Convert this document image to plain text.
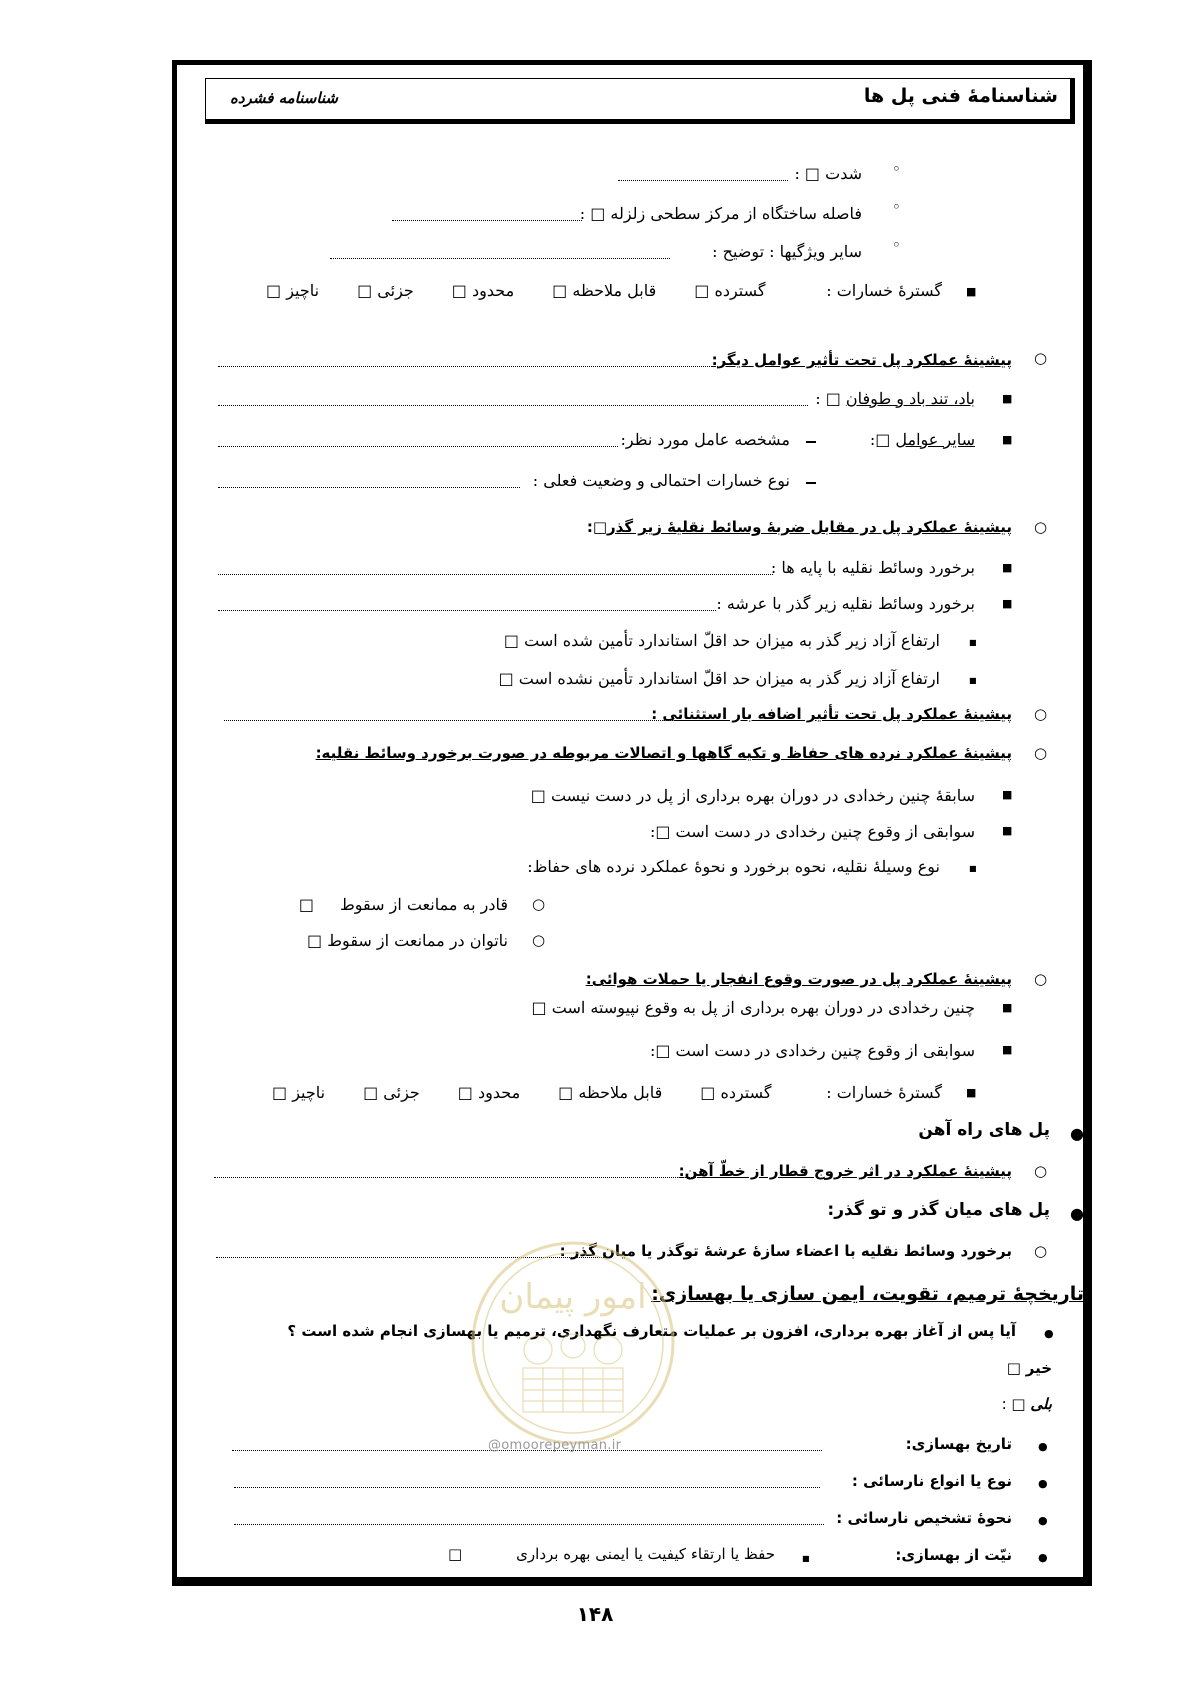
شناسنامۀ فنی پل ها
شناسنامه فشرده
◦
شدت □ :
◦
فاصله ساختگاه از مرکز سطحی زلزله □ :
◦
سایر ویژگیها : توضیح :
■
گسترۀ خسارات :
ناچیز □ جزئی □ محدود □ قابل ملاحظه □ گسترده □
○
پیشینۀ عملکرد پل تحت تأثیر عوامل دیگر:
■
باد، تند باد و طوفان □ :
■
سایر عوامل □:
مشخصه عامل مورد نظر:
نوع خسارات احتمالی و وضعیت فعلی :
○
پیشینۀ عملکرد پل در مقابل ضربۀ وسائط نقلیۀ زیر گذر□:
■
برخورد وسائط نقلیه با پایه ها :
■
برخورد وسائط نقلیه زیر گذر با عرشه :
■
ارتفاع آزاد زیر گذر به میزان حد اقلّ استاندارد تأمین شده است □
■
ارتفاع آزاد زیر گذر به میزان حد اقلّ استاندارد تأمین نشده است □
○
پیشینۀ عملکرد پل تحت تأثیر اضافه بار استثنائی :
○
پیشینۀ عملکرد نرده های حفاظ و تکیه گاهها و اتصالات مربوطه در صورت برخورد وسائط نقلیه:
■
سابقۀ چنین رخدادی در دوران بهره برداری از پل در دست نیست □
■
سوابقی از وقوع چنین رخدادی در دست است □:
■
نوع وسیلۀ نقلیه، نحوه برخورد و نحوۀ عملکرد نرده های حفاظ:
○
قادر به ممانعت از سقوط□
○
ناتوان در ممانعت از سقوط □
○
پیشینۀ عملکرد پل در صورت وقوع انفجار یا حملات هوائی:
■
چنین رخدادی در دوران بهره برداری از پل به وقوع نپیوسته است □
■
سوابقی از وقوع چنین رخدادی در دست است □:
■
گسترۀ خسارات :
ناچیز □ جزئی □ محدود □ قابل ملاحظه □ گسترده □
●
پل های راه آهن
○
پیشینۀ عملکرد در اثر خروج قطار از خطّ آهن:
●
پل های میان گذر و تو گذر:
○
برخورد وسائط نقلیه با اعضاء سازۀ عرشۀ توگذر یا میان گذر :
تاریخچۀ ترمیم، تقویت، ایمن سازی یا بهسازی:
●
آیا پس از آغاز بهره برداری، افزون بر عملیات متعارف نگهداری، ترمیم یا بهسازی انجام شده است ؟
خیر □
بلی □ :
●
تاریخ بهسازی:
●
نوع یا انواع نارسائی :
●
نحوۀ تشخیص نارسائی :
●
نیّت از بهسازی:
■
حفظ یا ارتقاء کیفیت یا ایمنی بهره برداری
□
امور پیمان
@omoorepeyman.ir
۱۴۸
